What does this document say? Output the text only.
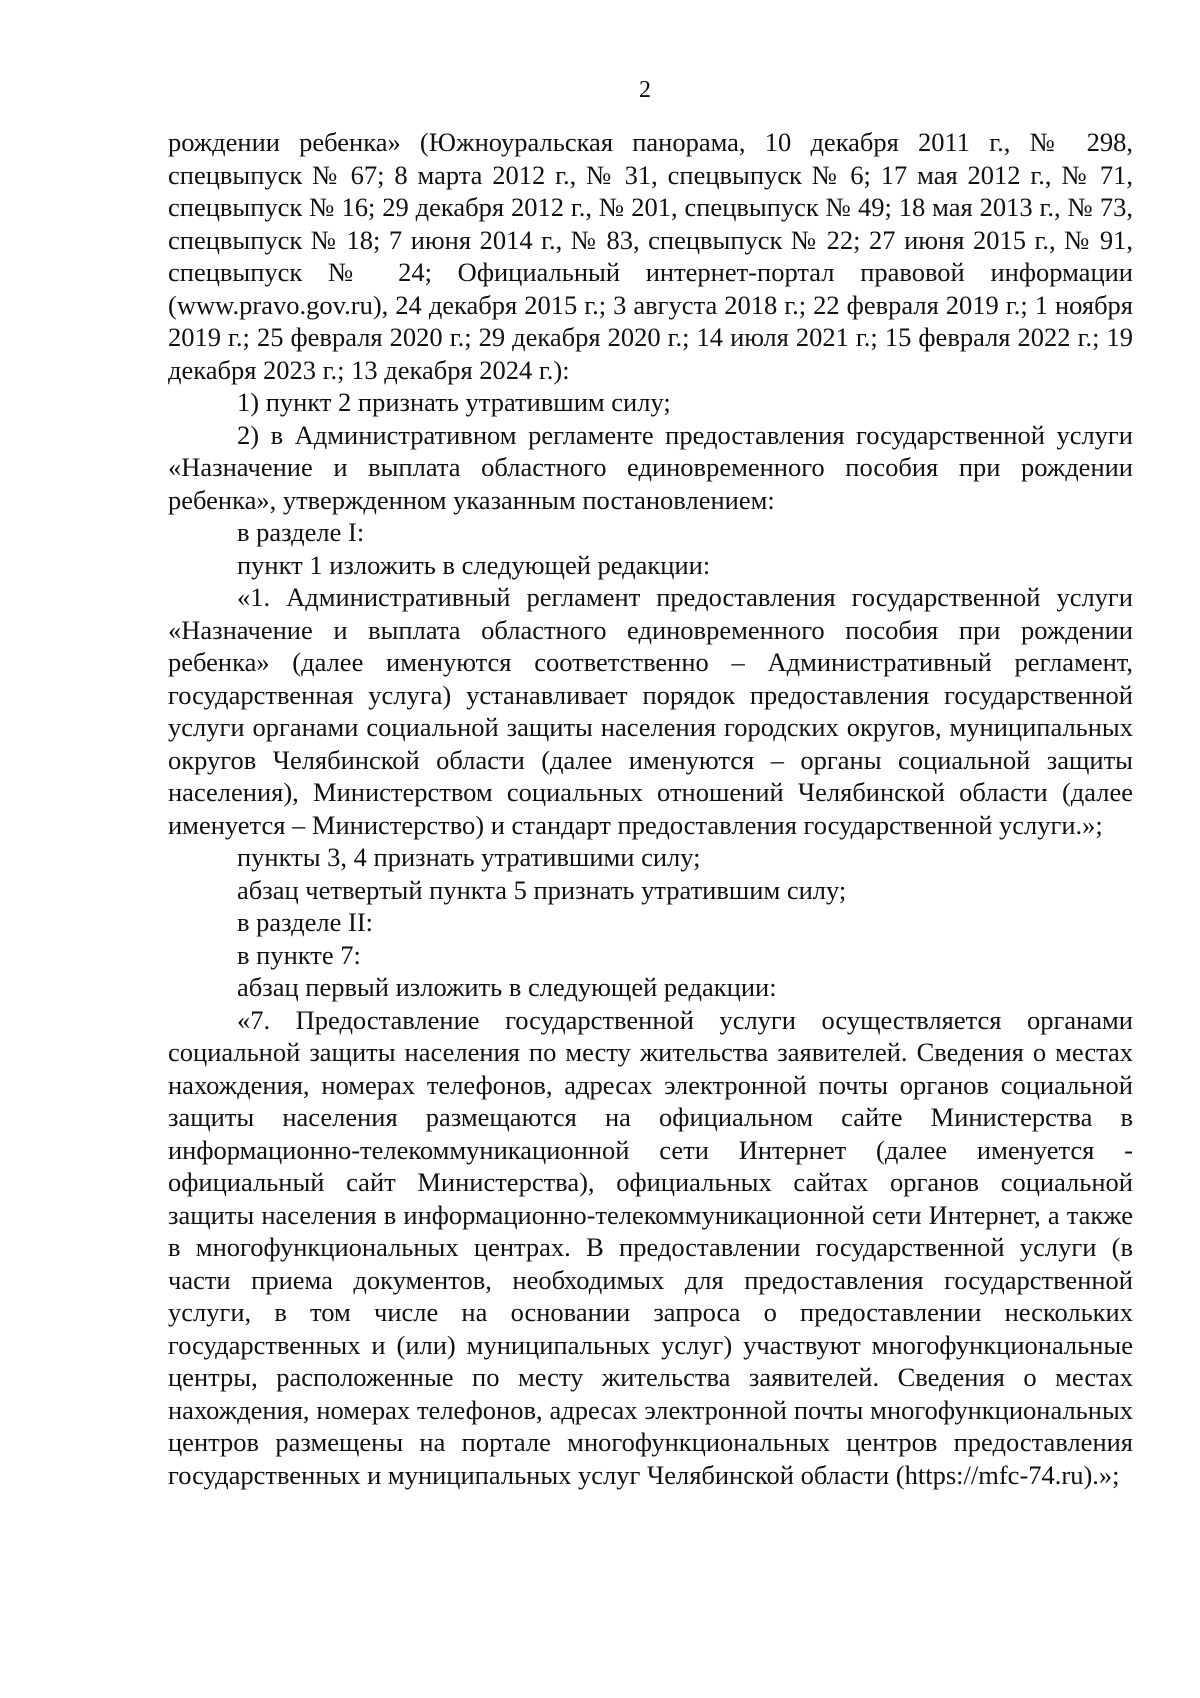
2

рождении ребенка» (Южноуральская панорама, 10 декабря 2011 г., № 298, спецвыпуск № 67; 8 марта 2012 г., № 31, спецвыпуск № 6; 17 мая 2012 г., № 71, спецвыпуск № 16; 29 декабря 2012 г., № 201, спецвыпуск № 49; 18 мая 2013 г., № 73, спецвыпуск № 18; 7 июня 2014 г., № 83, спецвыпуск № 22; 27 июня 2015 г., № 91, спецвыпуск № 24; Официальный интернет-портал правовой информации (www.pravo.gov.ru), 24 декабря 2015 г.; 3 августа 2018 г.; 22 февраля 2019 г.; 1 ноября 2019 г.; 25 февраля 2020 г.; 29 декабря 2020 г.; 14 июля 2021 г.; 15 февраля 2022 г.; 19 декабря 2023 г.; 13 декабря 2024 г.):

1) пункт 2 признать утратившим силу;

2) в Административном регламенте предоставления государственной услуги «Назначение и выплата областного единовременного пособия при рождении ребенка», утвержденном указанным постановлением:

в разделе I:

пункт 1 изложить в следующей редакции:

«1. Административный регламент предоставления государственной услуги «Назначение и выплата областного единовременного пособия при рождении ребенка» (далее именуются соответственно – Административный регламент, государственная услуга) устанавливает порядок предоставления государственной услуги органами социальной защиты населения городских округов, муниципальных округов Челябинской области (далее именуются – органы социальной защиты населения), Министерством социальных отношений Челябинской области (далее именуется – Министерство) и стандарт предоставления государственной услуги.»;

пункты 3, 4 признать утратившими силу;

абзац четвертый пункта 5 признать утратившим силу;

в разделе II:

в пункте 7:

абзац первый изложить в следующей редакции:

«7. Предоставление государственной услуги осуществляется органами социальной защиты населения по месту жительства заявителей. Сведения о местах нахождения, номерах телефонов, адресах электронной почты органов социальной защиты населения размещаются на официальном сайте Министерства в информационно-телекоммуникационной сети Интернет (далее именуется - официальный сайт Министерства), официальных сайтах органов социальной защиты населения в информационно-телекоммуникационной сети Интернет, а также в многофункциональных центрах. В предоставлении государственной услуги (в части приема документов, необходимых для предоставления государственной услуги, в том числе на основании запроса о предоставлении нескольких государственных и (или) муниципальных услуг) участвуют многофункциональные центры, расположенные по месту жительства заявителей. Сведения о местах нахождения, номерах телефонов, адресах электронной почты многофункциональных центров размещены на портале многофункциональных центров предоставления государственных и муниципальных услуг Челябинской области (https://mfc-74.ru).»;
